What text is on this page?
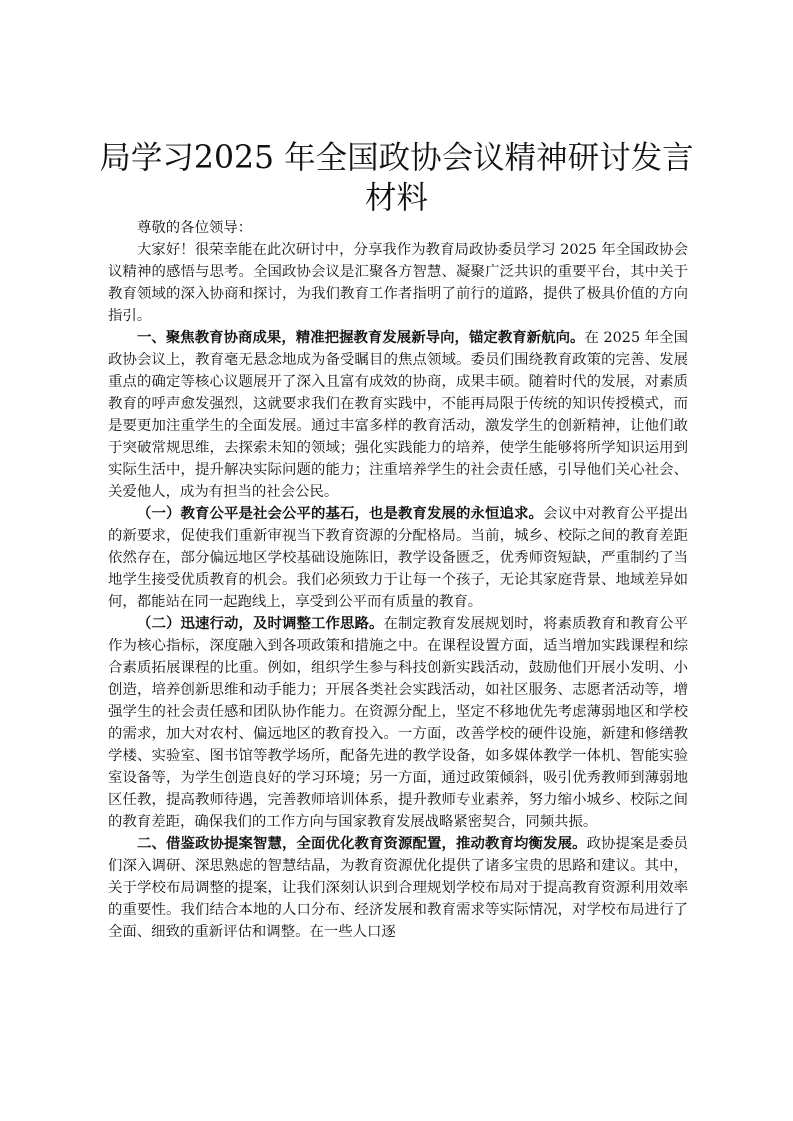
局学习2025 年全国政协会议精神研讨发言材料

尊敬的各位领导：

大家好！很荣幸能在此次研讨中，分享我作为教育局政协委员学习 2025 年全国政协会议精神的感悟与思考。全国政协会议是汇聚各方智慧、凝聚广泛共识的重要平台，其中关于教育领域的深入协商和探讨，为我们教育工作者指明了前行的道路，提供了极具价值的方向指引。

一、聚焦教育协商成果，精准把握教育发展新导向，锚定教育新航向。在 2025 年全国政协会议上，教育毫无悬念地成为备受瞩目的焦点领域。委员们围绕教育政策的完善、发展重点的确定等核心议题展开了深入且富有成效的协商，成果丰硕。随着时代的发展，对素质教育的呼声愈发强烈，这就要求我们在教育实践中，不能再局限于传统的知识传授模式，而是要更加注重学生的全面发展。通过丰富多样的教育活动，激发学生的创新精神，让他们敢于突破常规思维，去探索未知的领域；强化实践能力的培养，使学生能够将所学知识运用到实际生活中，提升解决实际问题的能力；注重培养学生的社会责任感，引导他们关心社会、关爱他人，成为有担当的社会公民。

（一）教育公平是社会公平的基石，也是教育发展的永恒追求。会议中对教育公平提出的新要求，促使我们重新审视当下教育资源的分配格局。当前，城乡、校际之间的教育差距依然存在，部分偏远地区学校基础设施陈旧，教学设备匮乏，优秀师资短缺，严重制约了当地学生接受优质教育的机会。我们必须致力于让每一个孩子，无论其家庭背景、地域差异如何，都能站在同一起跑线上，享受到公平而有质量的教育。

（二）迅速行动，及时调整工作思路。在制定教育发展规划时，将素质教育和教育公平作为核心指标，深度融入到各项政策和措施之中。在课程设置方面，适当增加实践课程和综合素质拓展课程的比重。例如，组织学生参与科技创新实践活动，鼓励他们开展小发明、小创造，培养创新思维和动手能力；开展各类社会实践活动，如社区服务、志愿者活动等，增强学生的社会责任感和团队协作能力。在资源分配上，坚定不移地优先考虑薄弱地区和学校的需求，加大对农村、偏远地区的教育投入。一方面，改善学校的硬件设施，新建和修缮教学楼、实验室、图书馆等教学场所，配备先进的教学设备，如多媒体教学一体机、智能实验室设备等，为学生创造良好的学习环境；另一方面，通过政策倾斜，吸引优秀教师到薄弱地区任教，提高教师待遇，完善教师培训体系，提升教师专业素养，努力缩小城乡、校际之间的教育差距，确保我们的工作方向与国家教育发展战略紧密契合，同频共振。

二、借鉴政协提案智慧，全面优化教育资源配置，推动教育均衡发展。政协提案是委员们深入调研、深思熟虑的智慧结晶，为教育资源优化提供了诸多宝贵的思路和建议。其中，关于学校布局调整的提案，让我们深刻认识到合理规划学校布局对于提高教育资源利用效率的重要性。我们结合本地的人口分布、经济发展和教育需求等实际情况，对学校布局进行了全面、细致的重新评估和调整。在一些人口逐
